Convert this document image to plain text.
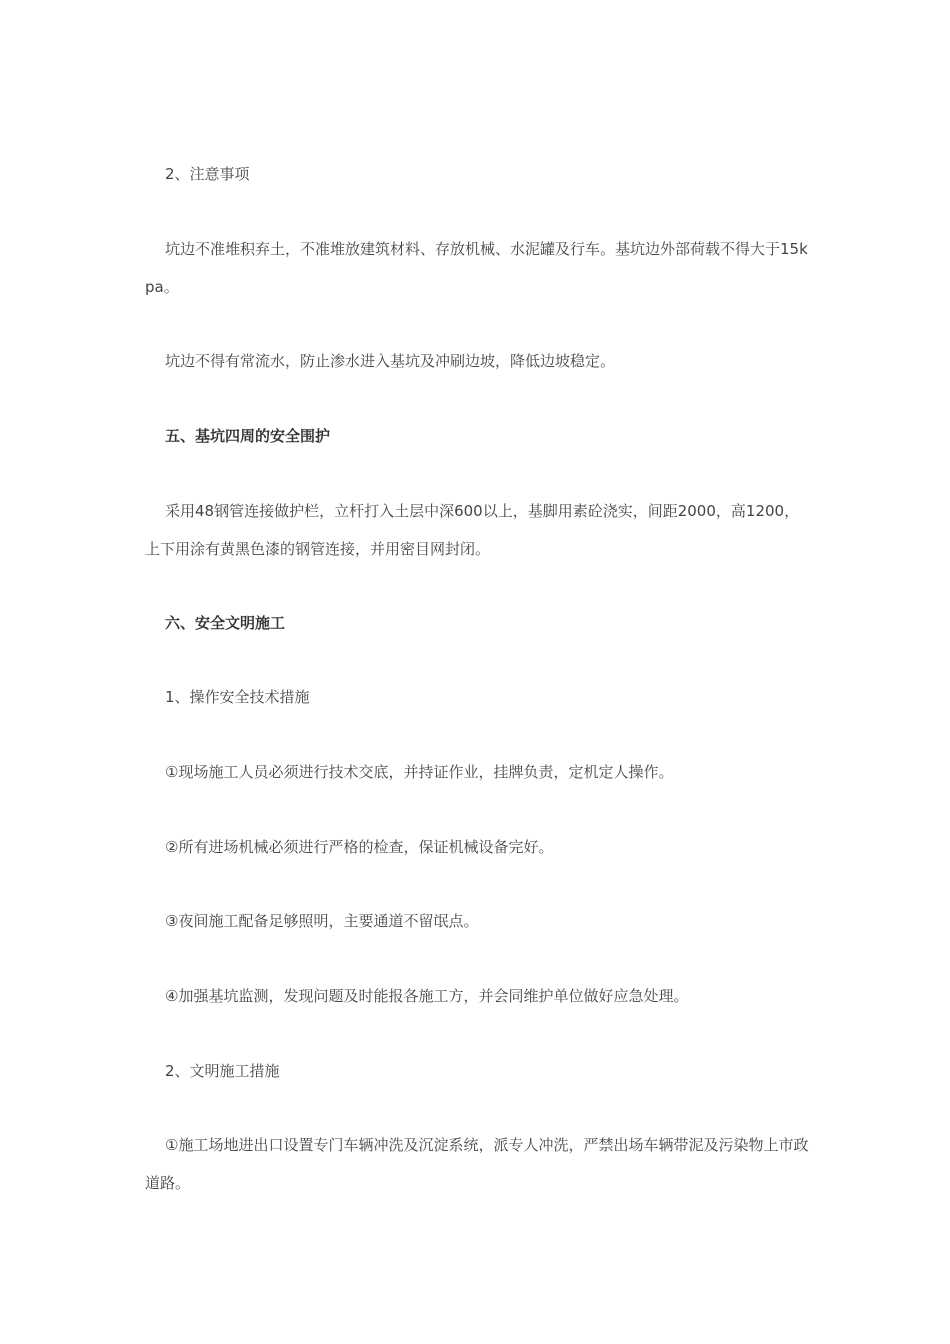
2、注意事项

坑边不准堆积弃土，不准堆放建筑材料、存放机械、水泥罐及行车。基坑边外部荷载不得大于15kpa。

坑边不得有常流水，防止渗水进入基坑及冲刷边坡，降低边坡稳定。

五、基坑四周的安全围护

采用48钢管连接做护栏，立杆打入土层中深600以上，基脚用素砼浇实，间距2000，高1200，上下用涂有黄黑色漆的钢管连接，并用密目网封闭。

六、安全文明施工

1、操作安全技术措施

①现场施工人员必须进行技术交底，并持证作业，挂牌负责，定机定人操作。

②所有进场机械必须进行严格的检查，保证机械设备完好。

③夜间施工配备足够照明，主要通道不留氓点。

④加强基坑监测，发现问题及时能报各施工方，并会同维护单位做好应急处理。

2、文明施工措施

①施工场地进出口设置专门车辆冲洗及沉淀系统，派专人冲洗，严禁出场车辆带泥及污染物上市政道路。
